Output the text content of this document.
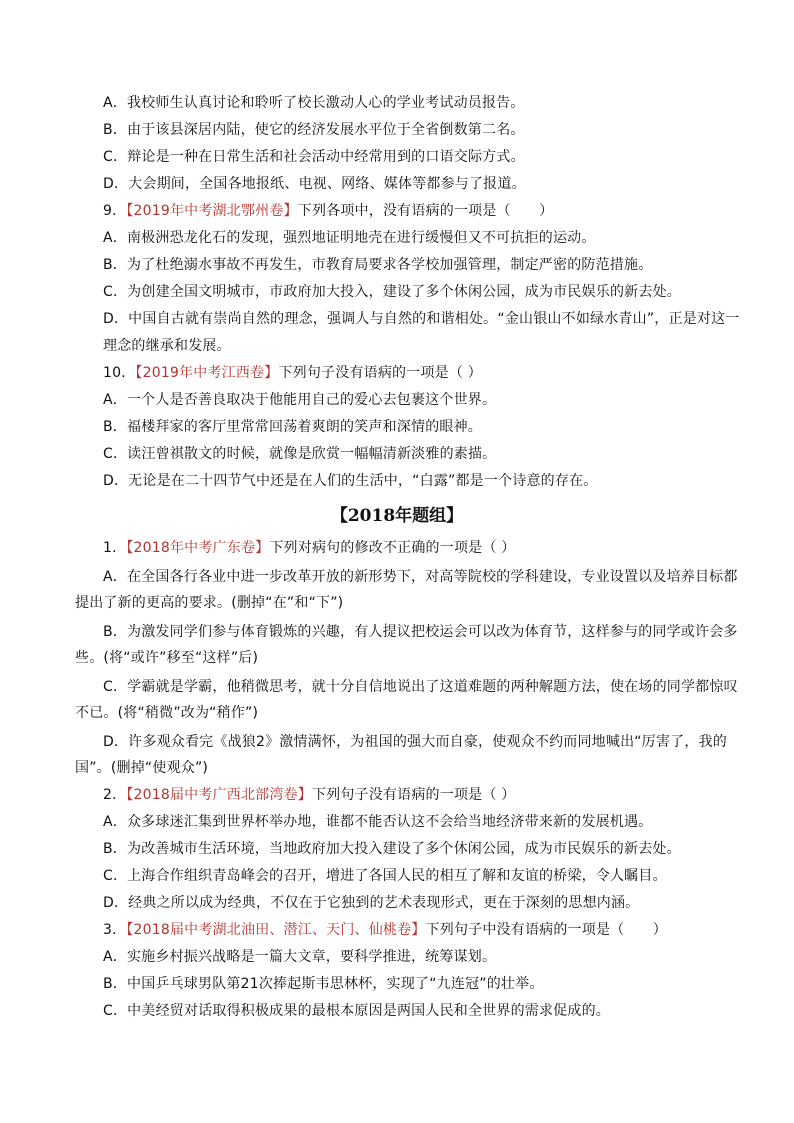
A．我校师生认真讨论和聆听了校长激动人心的学业考试动员报告。
B．由于该县深居内陆，使它的经济发展水平位于全省倒数第二名。
C．辩论是一种在日常生活和社会活动中经常用到的口语交际方式。
D．大会期间，全国各地报纸、电视、网络、媒体等都参与了报道。
9．【2019年中考湖北鄂州卷】下列各项中，没有语病的一项是（　　）
A．南极洲恐龙化石的发现，强烈地证明地壳在进行缓慢但又不可抗拒的运动。
B．为了杜绝溺水事故不再发生，市教育局要求各学校加强管理，制定严密的防范措施。
C．为创建全国文明城市，市政府加大投入，建设了多个休闲公园，成为市民娱乐的新去处。
D．中国自古就有崇尚自然的理念，强调人与自然的和谐相处。“金山银山不如绿水青山”，正是对这一
理念的继承和发展。
10．【2019年中考江西卷】下列句子没有语病的一项是（ ）
A．一个人是否善良取决于他能用自己的爱心去包裹这个世界。
B．福楼拜家的客厅里常常回荡着爽朗的笑声和深情的眼神。
C．读汪曾祺散文的时候，就像是欣赏一幅幅清新淡雅的素描。
D．无论是在二十四节气中还是在人们的生活中，“白露”都是一个诗意的存在。
【2018年题组】
1．【2018年中考广东卷】下列对病句的修改不正确的一项是（ ）
A．在全国各行各业中进一步改革开放的新形势下，对高等院校的学科建设，专业设置以及培养目标都
提出了新的更高的要求。(删掉“在”和“下”)
B．为激发同学们参与体育锻炼的兴趣，有人提议把校运会可以改为体育节，这样参与的同学或许会多
些。(将“或许”移至“这样”后)
C．学霸就是学霸，他稍微思考，就十分自信地说出了这道难题的两种解题方法，使在场的同学都惊叹
不已。(将“稍微”改为“稍作”)
D．许多观众看完《战狼2》激情满怀，为祖国的强大而自豪，使观众不约而同地喊出“厉害了，我的
国”。(删掉“使观众”)
2．【2018届中考广西北部湾卷】下列句子没有语病的一项是（ ）
A．众多球迷汇集到世界杯举办地，谁都不能否认这不会给当地经济带来新的发展机遇。
B．为改善城市生活环境，当地政府加大投入建设了多个休闲公园，成为市民娱乐的新去处。
C．上海合作组织青岛峰会的召开，增进了各国人民的相互了解和友谊的桥梁，令人瞩目。
D．经典之所以成为经典，不仅在于它独到的艺术表现形式，更在于深刻的思想内涵。
3．【2018届中考湖北油田、潜江、天门、仙桃卷】下列句子中没有语病的一项是（　　）
A．实施乡村振兴战略是一篇大文章，要科学推进，统筹谋划。
B．中国乒乓球男队第21次捧起斯韦思林杯，实现了“九连冠”的壮举。
C．中美经贸对话取得积极成果的最根本原因是两国人民和全世界的需求促成的。
